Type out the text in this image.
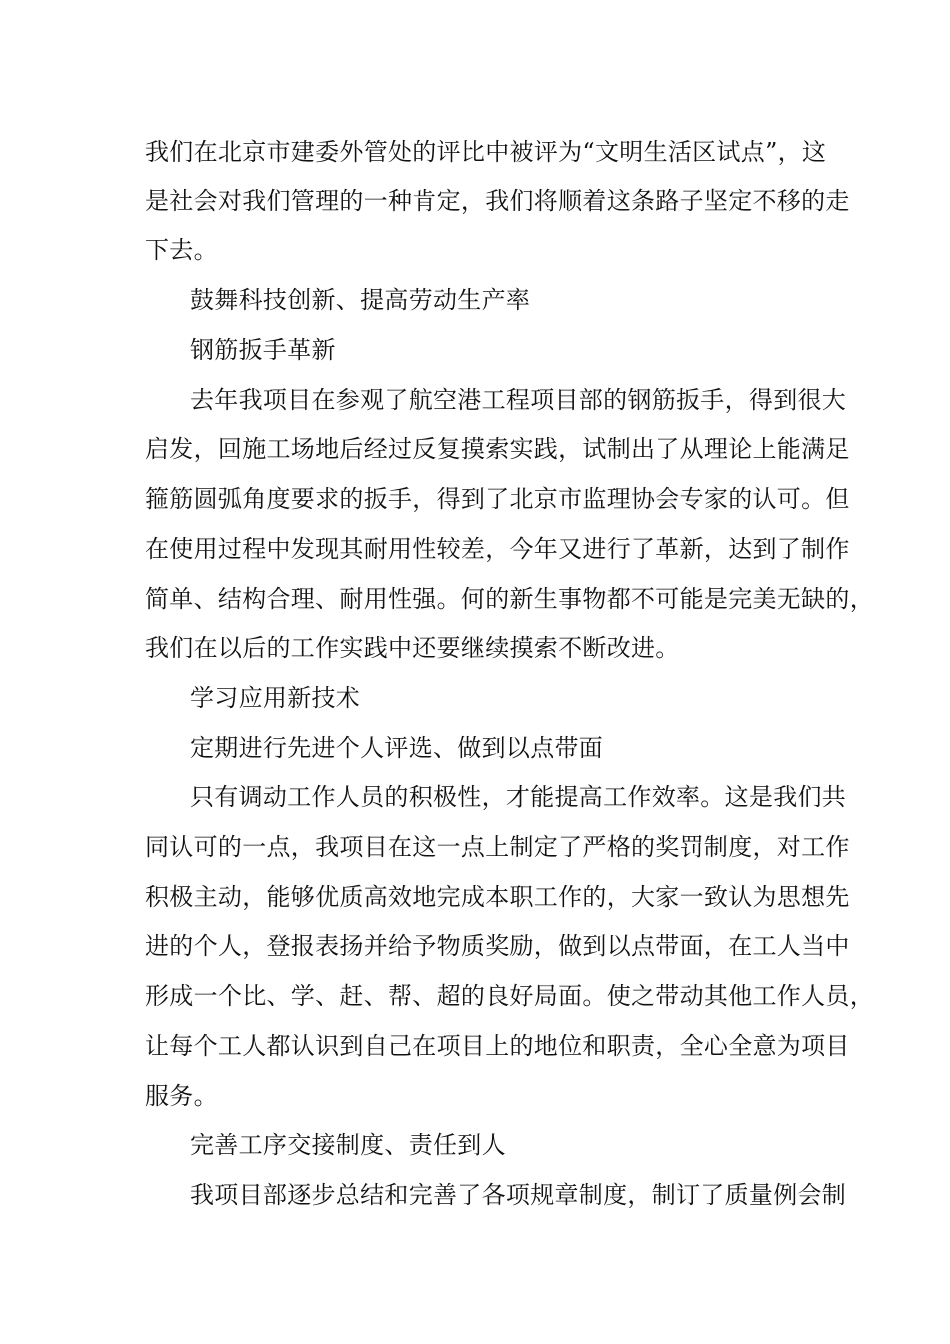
我们在北京市建委外管处的评比中被评为“文明生活区试点”，这
是社会对我们管理的一种肯定，我们将顺着这条路子坚定不移的走
下去。
鼓舞科技创新、提高劳动生产率
钢筋扳手革新
去年我项目在参观了航空港工程项目部的钢筋扳手，得到很大
启发，回施工场地后经过反复摸索实践，试制出了从理论上能满足
箍筋圆弧角度要求的扳手，得到了北京市监理协会专家的认可。但
在使用过程中发现其耐用性较差，今年又进行了革新，达到了制作
简单、结构合理、耐用性强。何的新生事物都不可能是完美无缺的，
我们在以后的工作实践中还要继续摸索不断改进。
学习应用新技术
定期进行先进个人评选、做到以点带面
只有调动工作人员的积极性，才能提高工作效率。这是我们共
同认可的一点，我项目在这一点上制定了严格的奖罚制度，对工作
积极主动，能够优质高效地完成本职工作的，大家一致认为思想先
进的个人，登报表扬并给予物质奖励，做到以点带面，在工人当中
形成一个比、学、赶、帮、超的良好局面。使之带动其他工作人员，
让每个工人都认识到自己在项目上的地位和职责，全心全意为项目
服务。
完善工序交接制度、责任到人
我项目部逐步总结和完善了各项规章制度，制订了质量例会制
